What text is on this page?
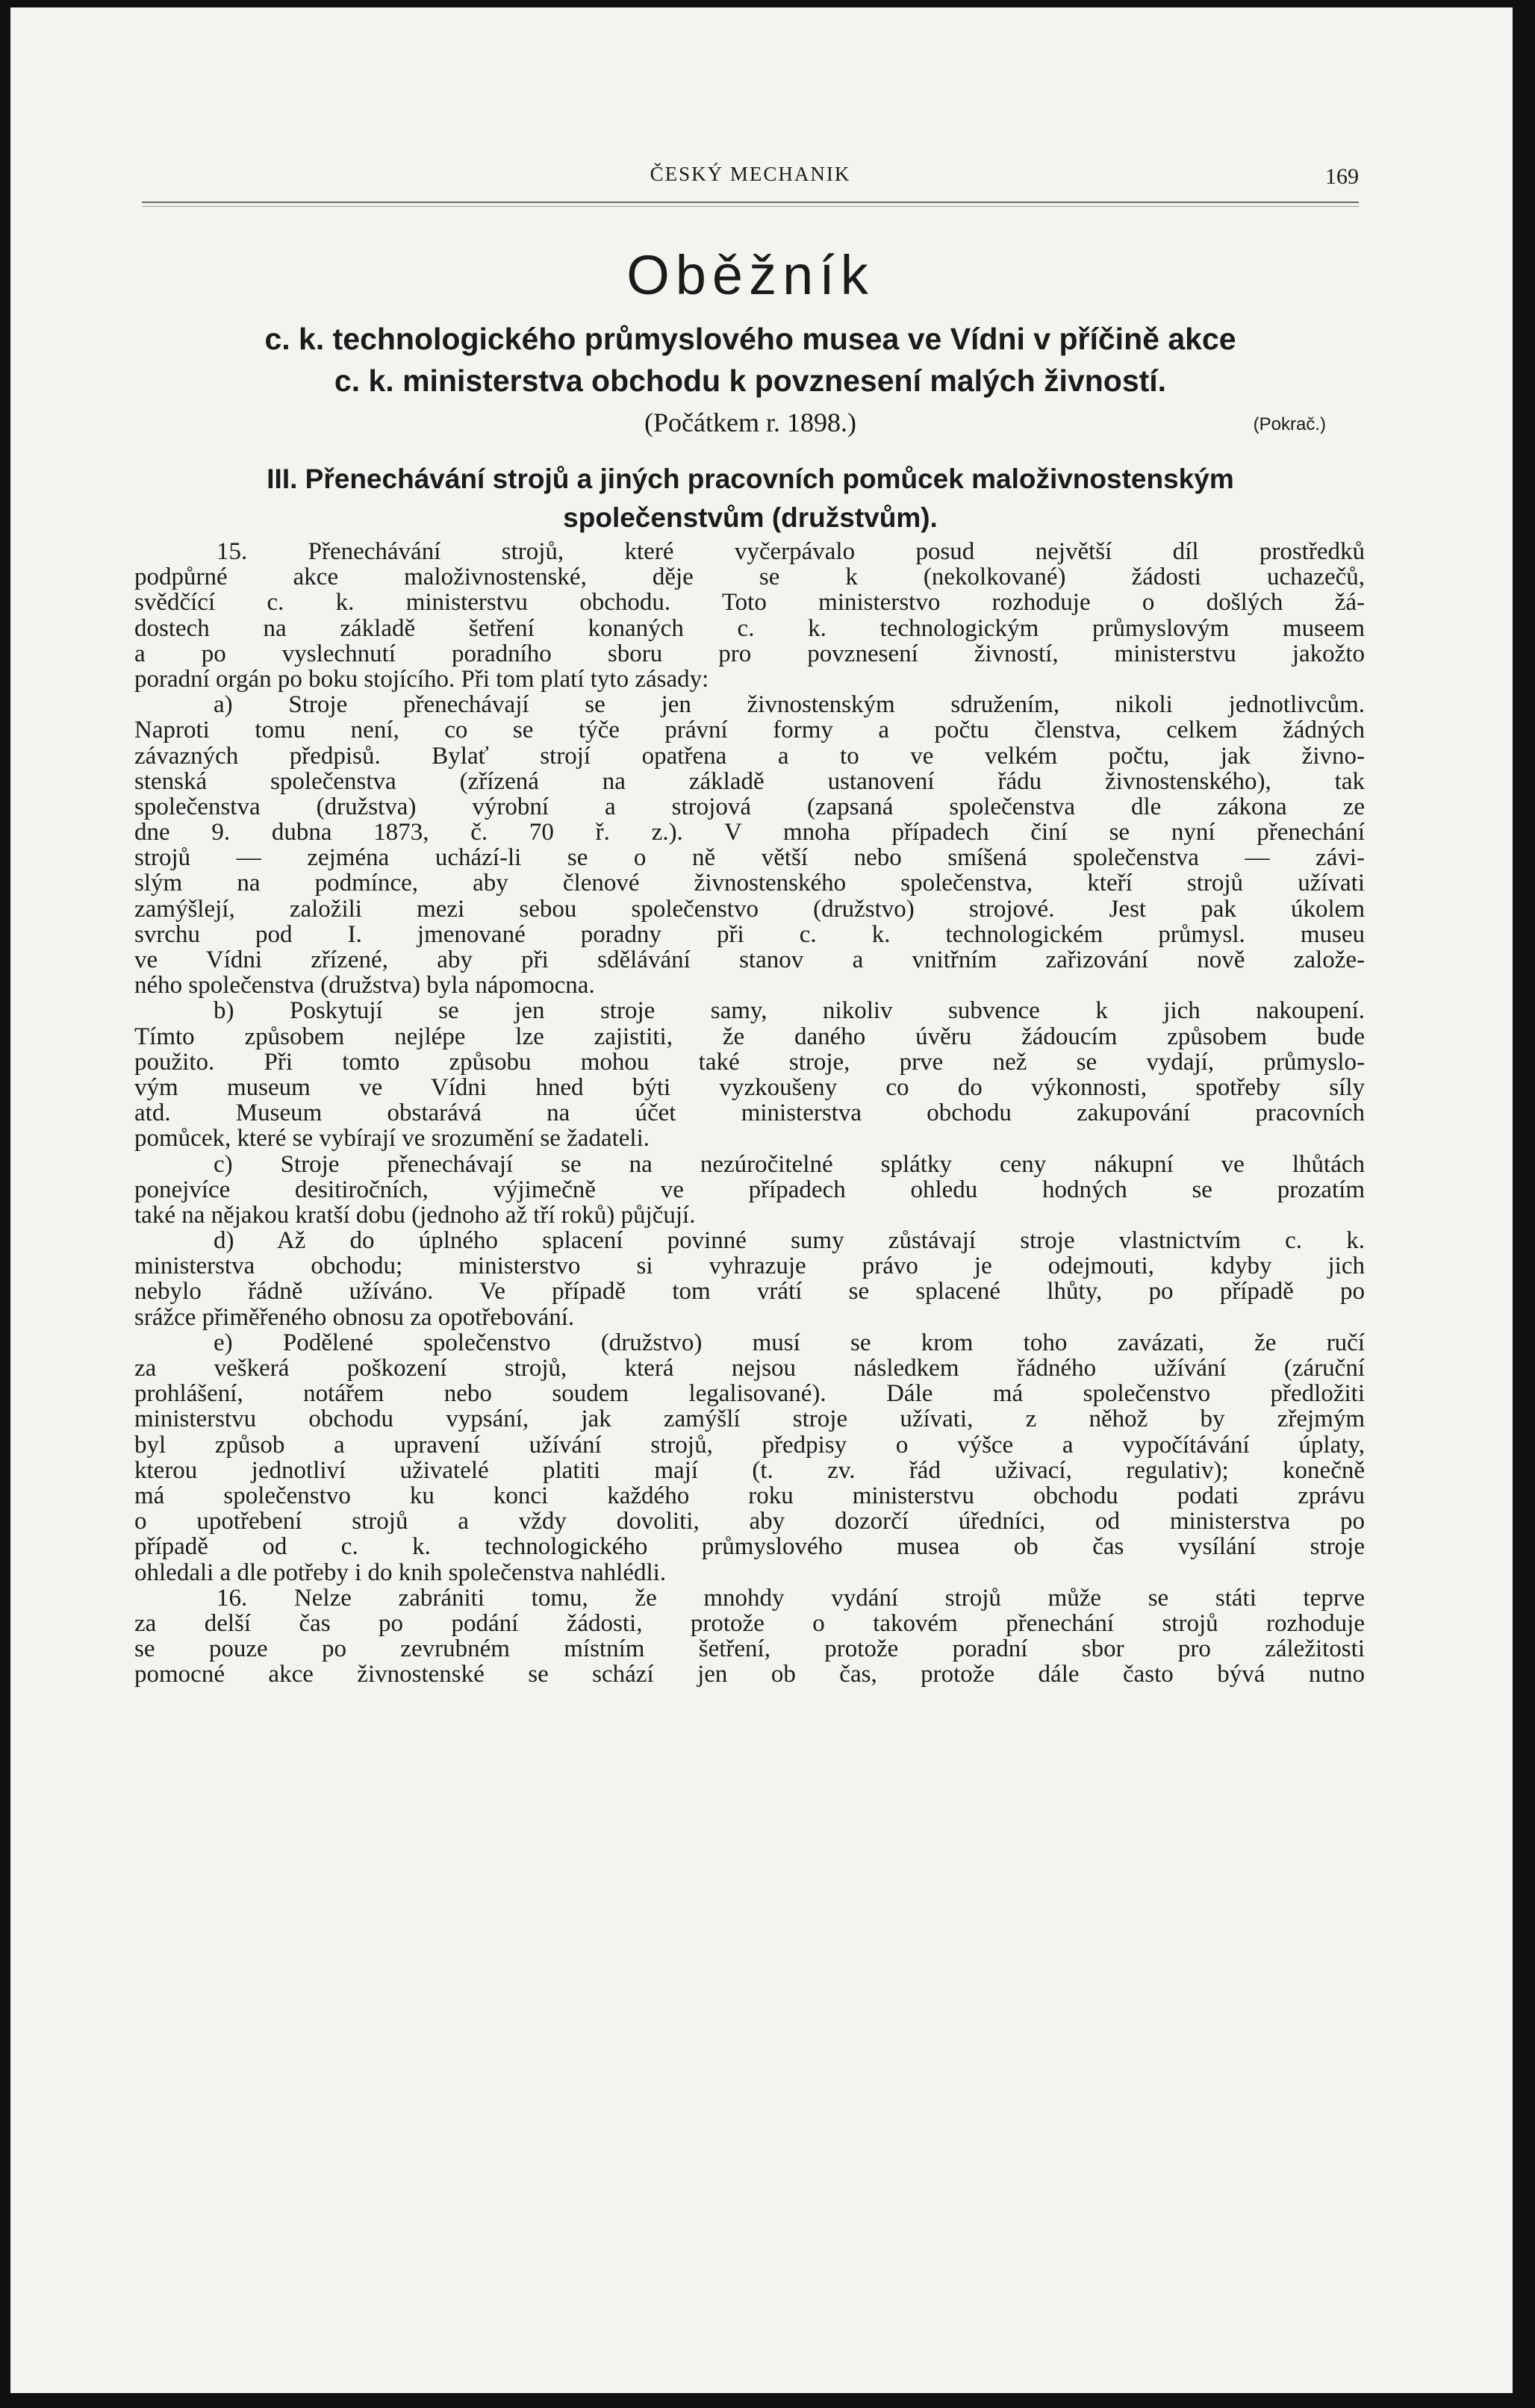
ČESKÝ MECHANIK	169
Oběžník
c. k. technologického průmyslového musea ve Vídni v příčině akce
c. k. ministerstva obchodu k povznesení malých živností.
(Počátkem r. 1898.)	(Pokrač.)
III. Přenechávání strojů a jiných pracovních pomůcek maloživnostenským
společenstvům (družstvům).
15. Přenechávání strojů, které vyčerpávalo posud největší díl prostředků
podpůrné akce maloživnostenské, děje se k (nekolkované) žádosti uchazečů,
svědčící c. k. ministerstvu obchodu. Toto ministerstvo rozhoduje o došlých žá-
dostech na základě šetření konaných c. k. technologickým průmyslovým museem
a po vyslechnutí poradního sboru pro povznesení živností, ministerstvu jakožto
poradní orgán po boku stojícího. Při tom platí tyto zásady:
a) Stroje přenechávají se jen živnostenským sdružením, nikoli jednotlivcům.
Naproti tomu není, co se týče právní formy a počtu členstva, celkem žádných
závazných předpisů. Bylať strojí opatřena a to ve velkém počtu, jak živno-
stenská společenstva (zřízená na základě ustanovení řádu živnostenského), tak
společenstva (družstva) výrobní a strojová (zapsaná společenstva dle zákona ze
dne 9. dubna 1873, č. 70 ř. z.). V mnoha případech činí se nyní přenechání
strojů — zejména uchází-li se o ně větší nebo smíšená společenstva — závi-
slým na podmínce, aby členové živnostenského společenstva, kteří strojů užívati
zamýšlejí, založili mezi sebou společenstvo (družstvo) strojové. Jest pak úkolem
svrchu pod I. jmenované poradny při c. k. technologickém průmysl. museu
ve Vídni zřízené, aby při sdělávání stanov a vnitřním zařizování nově založe-
ného společenstva (družstva) byla nápomocna.
b) Poskytují se jen stroje samy, nikoliv subvence k jich nakoupení.
Tímto způsobem nejlépe lze zajistiti, že daného úvěru žádoucím způsobem bude
použito. Při tomto způsobu mohou také stroje, prve než se vydají, průmyslo-
vým museum ve Vídni hned býti vyzkoušeny co do výkonnosti, spotřeby síly
atd. Museum obstarává na účet ministerstva obchodu zakupování pracovních
pomůcek, které se vybírají ve srozumění se žadateli.
c) Stroje přenechávají se na nezúročitelné splátky ceny nákupní ve lhůtách
ponejvíce desitiročních, výjimečně ve případech ohledu hodných se prozatím
také na nějakou kratší dobu (jednoho až tří roků) půjčují.
d) Až do úplného splacení povinné sumy zůstávají stroje vlastnictvím c. k.
ministerstva obchodu; ministerstvo si vyhrazuje právo je odejmouti, kdyby jich
nebylo řádně užíváno. Ve případě tom vrátí se splacené lhůty, po případě po
srážce přiměřeného obnosu za opotřebování.
e) Podělené společenstvo (družstvo) musí se krom toho zavázati, že ručí
za veškerá poškození strojů, která nejsou následkem řádného užívání (záruční
prohlášení, notářem nebo soudem legalisované). Dále má společenstvo předložiti
ministerstvu obchodu vypsání, jak zamýšlí stroje užívati, z něhož by zřejmým
byl způsob a upravení užívání strojů, předpisy o výšce a vypočítávání úplaty,
kterou jednotliví uživatelé platiti mají (t. zv. řád uživací, regulativ); konečně
má společenstvo ku konci každého roku ministerstvu obchodu podati zprávu
o upotřebení strojů a vždy dovoliti, aby dozorčí úředníci, od ministerstva po
případě od c. k. technologického průmyslového musea ob čas vysílání stroje
ohledali a dle potřeby i do knih společenstva nahlédli.
16. Nelze zabrániti tomu, že mnohdy vydání strojů může se státi teprve
za delší čas po podání žádosti, protože o takovém přenechání strojů rozhoduje
se pouze po zevrubném místním šetření, protože poradní sbor pro záležitosti
pomocné akce živnostenské se schází jen ob čas, protože dále často bývá nutno
